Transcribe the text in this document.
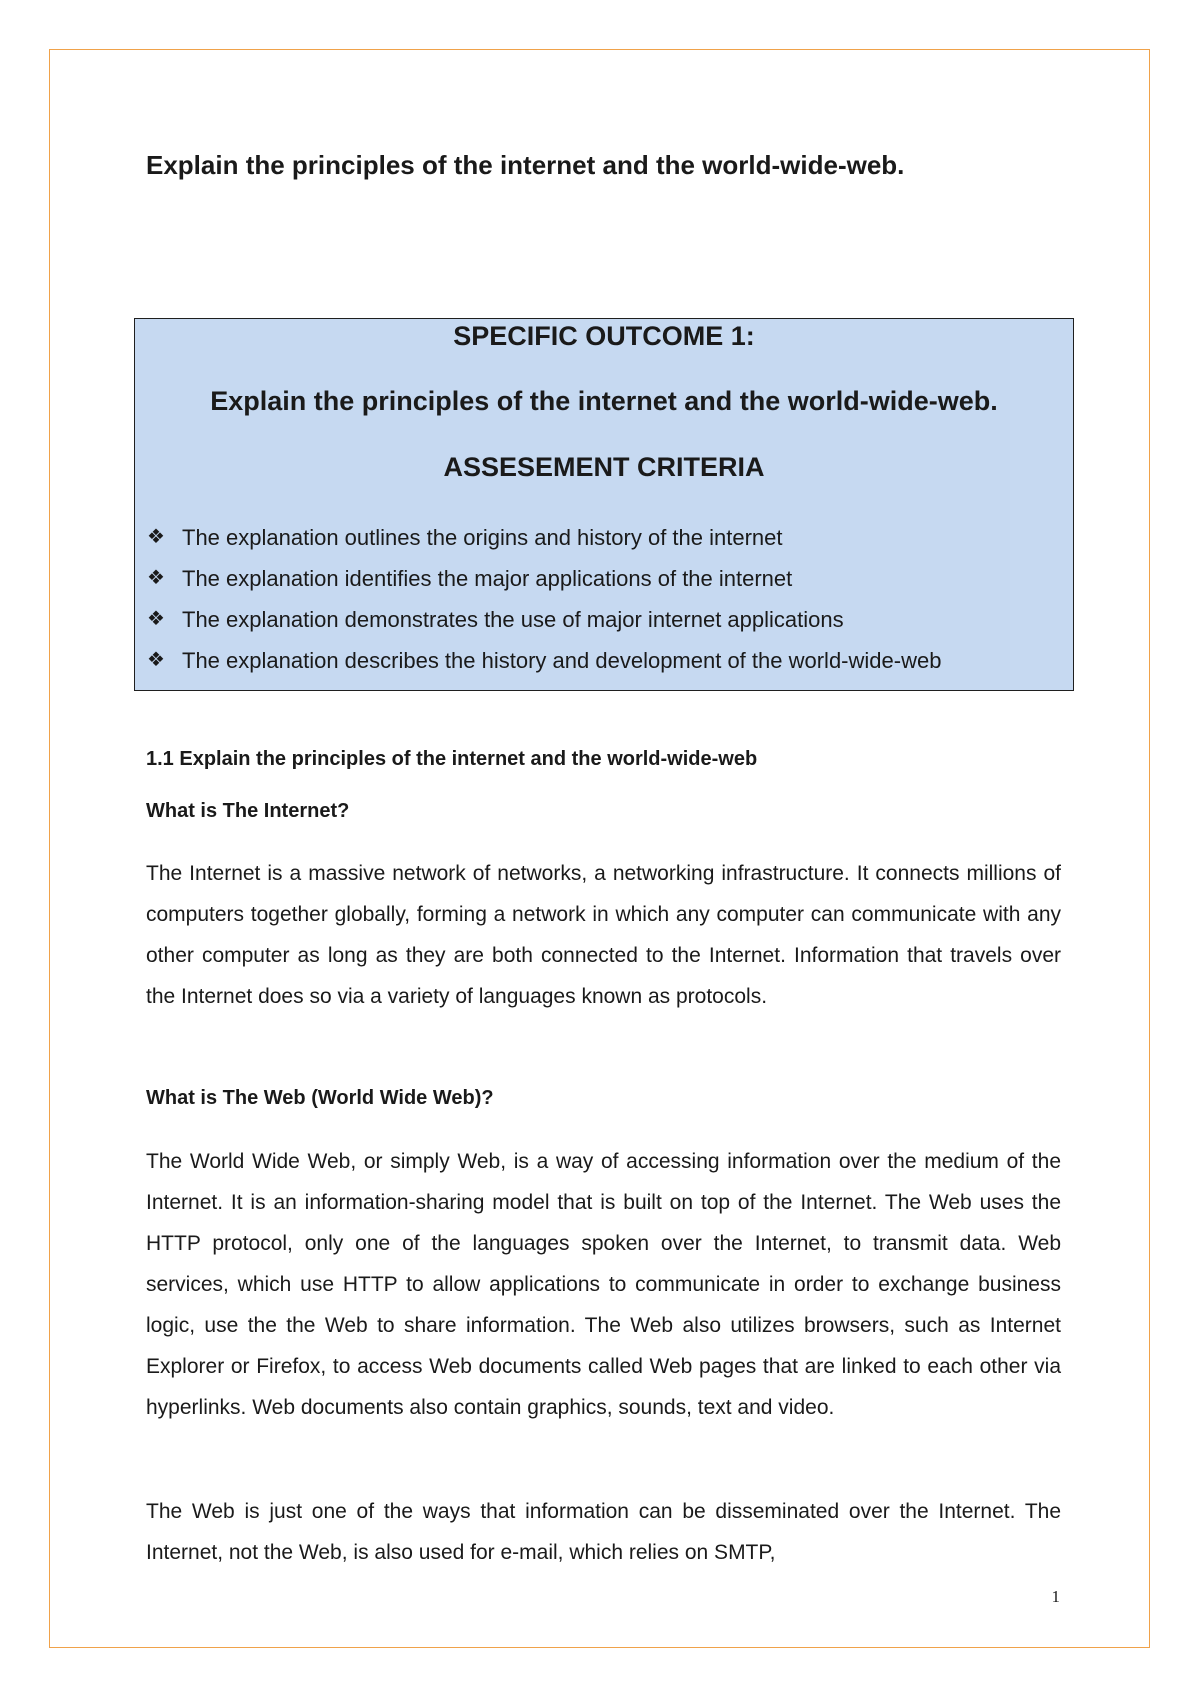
Explain the principles of the internet and the world-wide-web.

SPECIFIC OUTCOME 1:

Explain the principles of the internet and the world-wide-web.

ASSESEMENT CRITERIA

❖ The explanation outlines the origins and history of the internet
❖ The explanation identifies the major applications of the internet
❖ The explanation demonstrates the use of major internet applications
❖ The explanation describes the history and development of the world-wide-web
1.1 Explain the principles of the internet and the world-wide-web
What is The Internet?

The Internet is a massive network of networks, a networking infrastructure. It connects millions of computers together globally, forming a network in which any computer can communicate with any other computer as long as they are both connected to the Internet. Information that travels over the Internet does so via a variety of languages known as protocols.

What is The Web (World Wide Web)?

The World Wide Web, or simply Web, is a way of accessing information over the medium of the Internet. It is an information-sharing model that is built on top of the Internet. The Web uses the HTTP protocol, only one of the languages spoken over the Internet, to transmit data. Web services, which use HTTP to allow applications to communicate in order to exchange business logic, use the the Web to share information. The Web also utilizes browsers, such as Internet Explorer or Firefox, to access Web documents called Web pages that are linked to each other via hyperlinks. Web documents also contain graphics, sounds, text and video.

The Web is just one of the ways that information can be disseminated over the Internet. The Internet, not the Web, is also used for e-mail, which relies on SMTP,

1
